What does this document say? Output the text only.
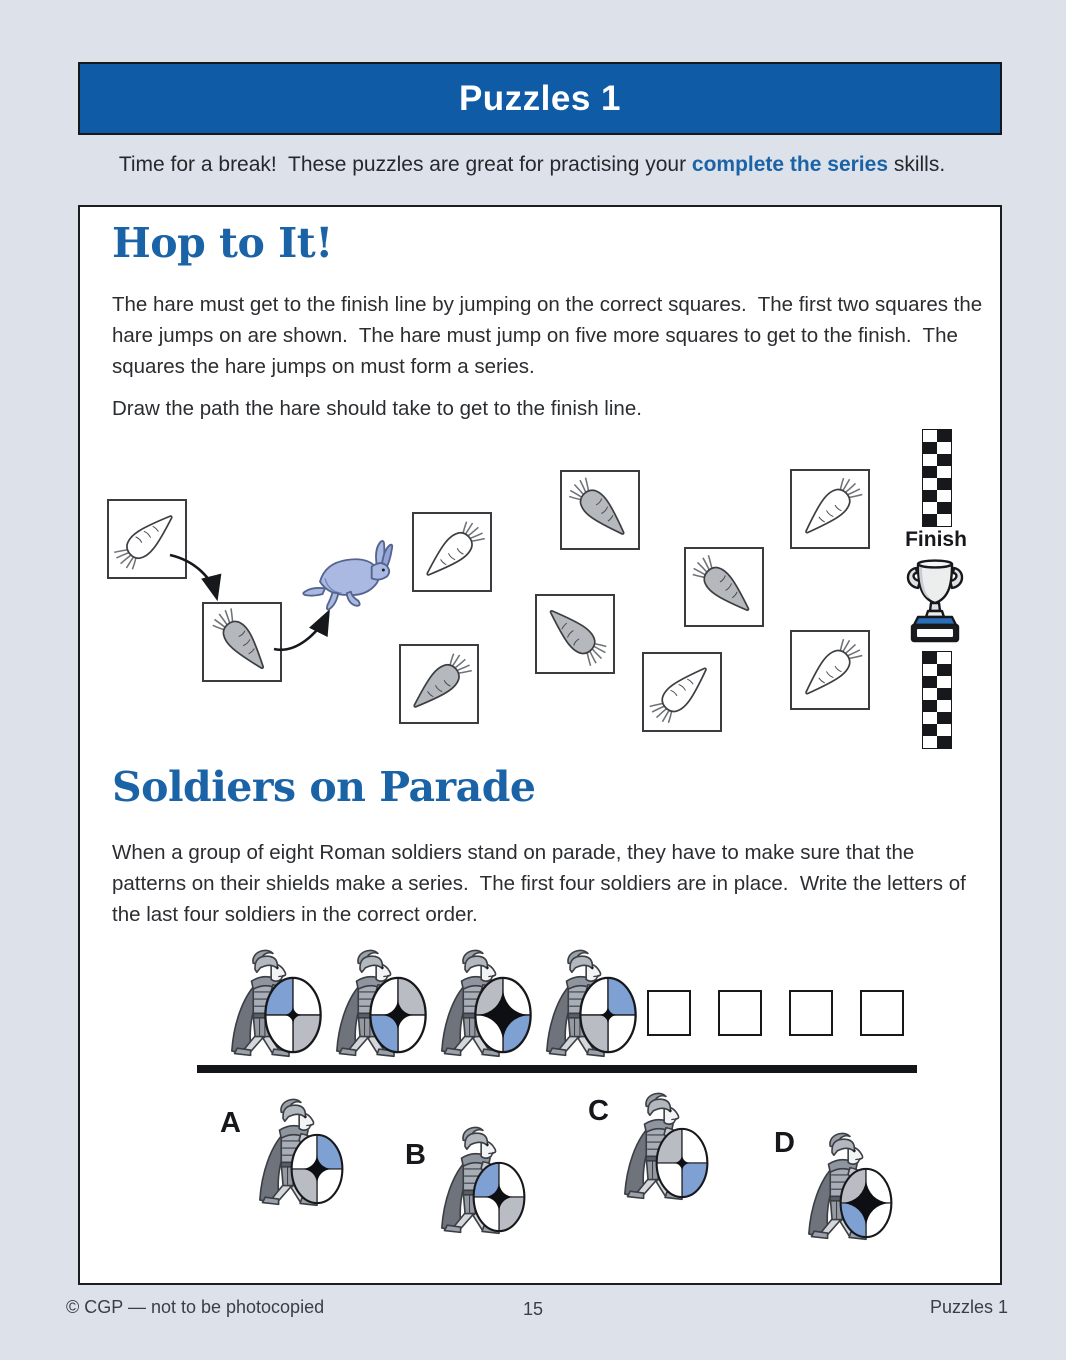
Puzzles 1
Time for a break!  These puzzles are great for practising your complete the series skills.
Hop to It!
The hare must get to the finish line by jumping on the correct squares.  The first two squares the hare jumps on are shown.  The hare must jump on five more squares to get to the finish.  The squares the hare jumps on must form a series.
Draw the path the hare should take to get to the finish line.
Finish
Soldiers on Parade
When a group of eight Roman soldiers stand on parade, they have to make sure that the patterns on their shields make a series.  The first four soldiers are in place.  Write the letters of the last four soldiers in the correct order.
A
B
C
D
© CGP — not to be photocopied	15	Puzzles 1
